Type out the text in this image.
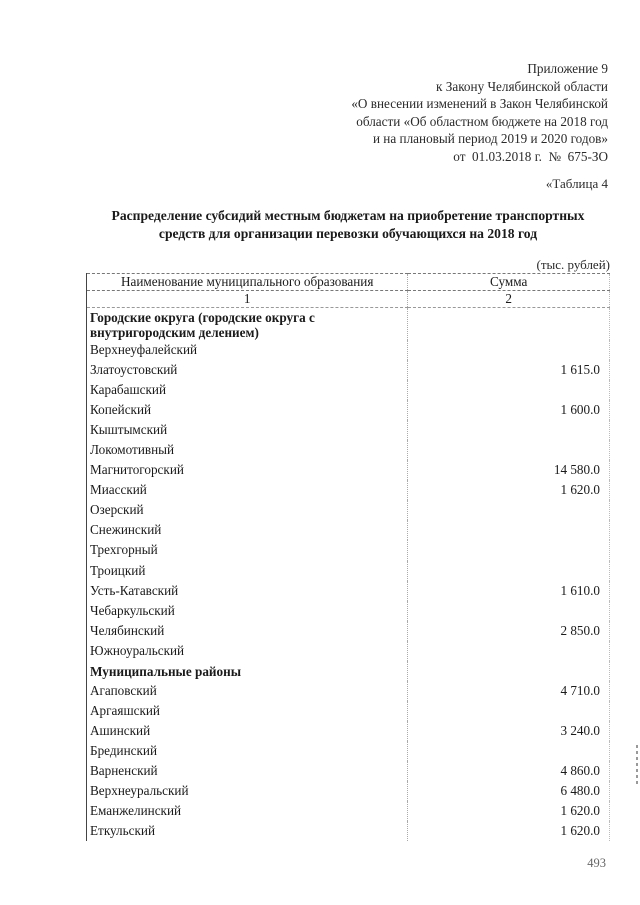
Приложение 9
к Закону Челябинской области
«О внесении изменений в Закон Челябинской
области «Об областном бюджете на 2018 год
и на плановый период 2019 и 2020 годов»
от  01.03.2018 г.  №  675-ЗО
«Таблица 4
Распределение субсидий местным бюджетам на приобретение транспортных средств для организации перевозки обучающихся на 2018 год
(тыс. рублей)
Наименование муниципального образования	Сумма
1	2
Городские округа (городские округа с внутригородским делением)	
Верхнеуфалейский	
Златоустовский	1 615.0
Карабашский	
Копейский	1 600.0
Кыштымский	
Локомотивный	
Магнитогорский	14 580.0
Миасский	1 620.0
Озерский	
Снежинский	
Трехгорный	
Троицкий	
Усть-Катавский	1 610.0
Чебаркульский	
Челябинский	2 850.0
Южноуральский	
Муниципальные районы	
Агаповский	4 710.0
Аргаяшский	
Ашинский	3 240.0
Брединский	
Варненский	4 860.0
Верхнеуральский	6 480.0
Еманжелинский	1 620.0
Еткульский	1 620.0
493
